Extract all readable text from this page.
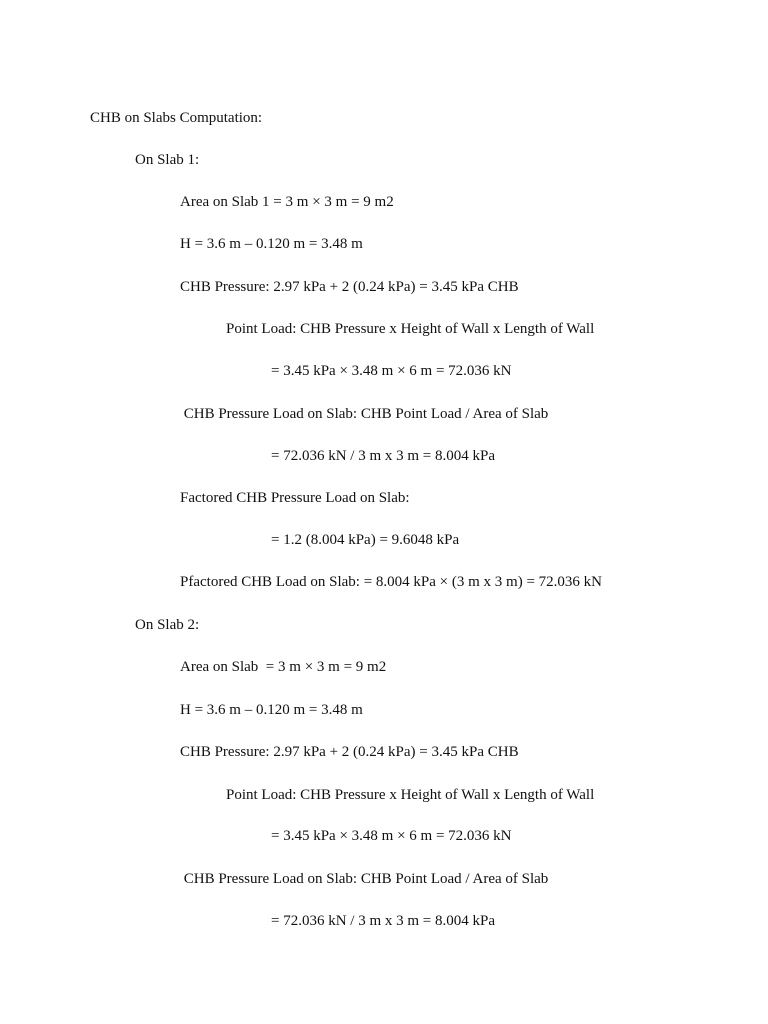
CHB on Slabs Computation:
On Slab 1:
Area on Slab 1 = 3 m × 3 m = 9 m2
H = 3.6 m – 0.120 m = 3.48 m
CHB Pressure: 2.97 kPa + 2 (0.24 kPa) = 3.45 kPa CHB
Point Load: CHB Pressure x Height of Wall x Length of Wall
= 3.45 kPa × 3.48 m × 6 m = 72.036 kN
CHB Pressure Load on Slab: CHB Point Load / Area of Slab
= 72.036 kN / 3 m x 3 m = 8.004 kPa
Factored CHB Pressure Load on Slab:
= 1.2 (8.004 kPa) = 9.6048 kPa
Pfactored CHB Load on Slab: = 8.004 kPa × (3 m x 3 m) = 72.036 kN
On Slab 2:
Area on Slab  = 3 m × 3 m = 9 m2
H = 3.6 m – 0.120 m = 3.48 m
CHB Pressure: 2.97 kPa + 2 (0.24 kPa) = 3.45 kPa CHB
Point Load: CHB Pressure x Height of Wall x Length of Wall
= 3.45 kPa × 3.48 m × 6 m = 72.036 kN
CHB Pressure Load on Slab: CHB Point Load / Area of Slab
= 72.036 kN / 3 m x 3 m = 8.004 kPa
